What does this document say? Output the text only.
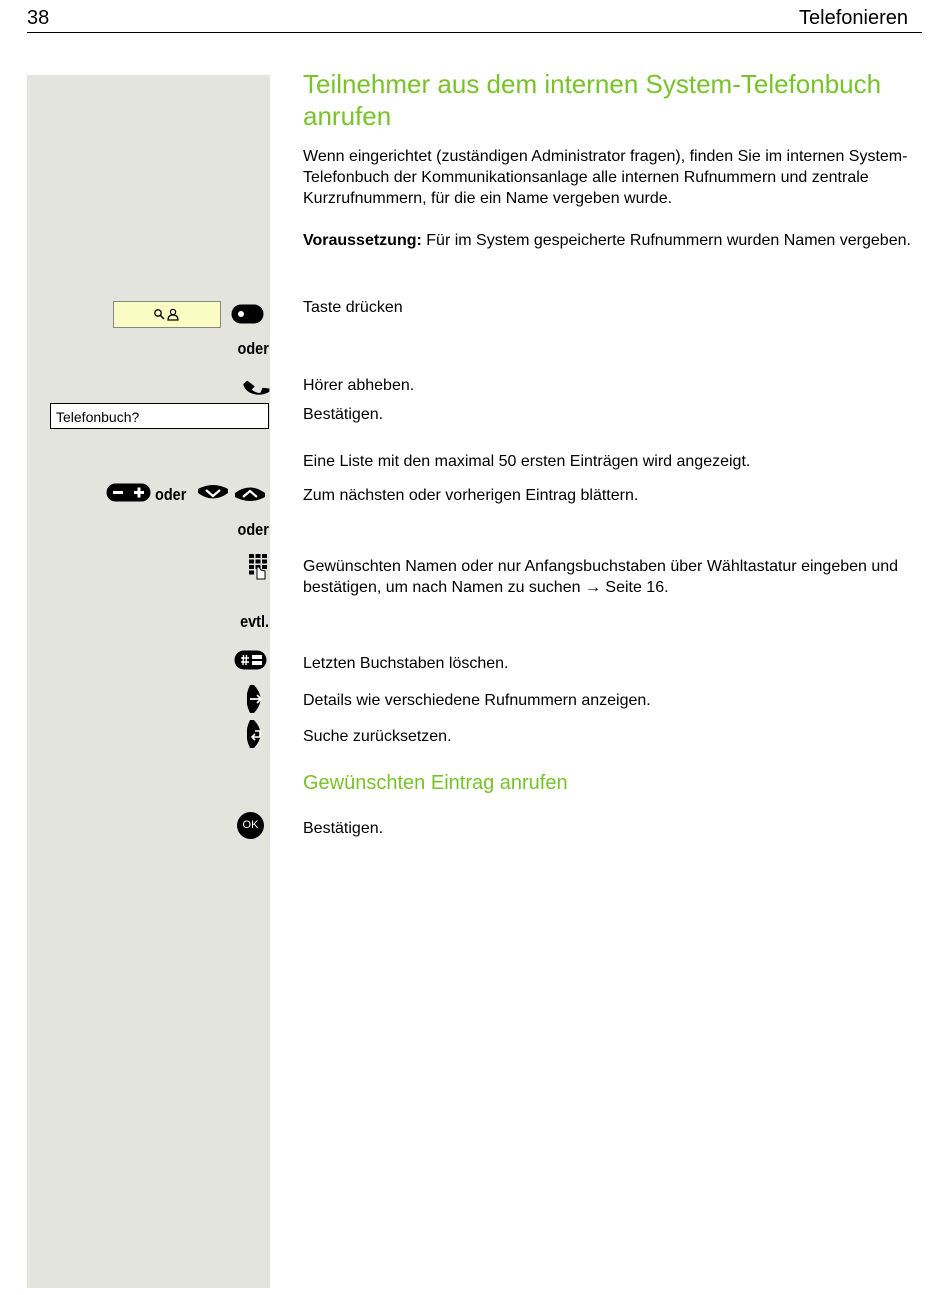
38	Telefonieren
Teilnehmer aus dem internen System-Telefonbuch anrufen
Wenn eingerichtet (zuständigen Administrator fragen), finden Sie im internen System-Telefonbuch der Kommunikationsanlage alle internen Rufnummern und zentrale Kurzrufnummern, für die ein Name vergeben wurde.
Voraussetzung: Für im System gespeicherte Rufnummern wurden Namen vergeben.
Taste drücken
oder
Hörer abheben.
Telefonbuch?	Bestätigen.
Eine Liste mit den maximal 50 ersten Einträgen wird angezeigt.
oder	Zum nächsten oder vorherigen Eintrag blättern.
oder
Gewünschten Namen oder nur Anfangsbuchstaben über Wähltastatur eingeben und bestätigen, um nach Namen zu suchen → Seite 16.
evtl.
Letzten Buchstaben löschen.
Details wie verschiedene Rufnummern anzeigen.
Suche zurücksetzen.
Gewünschten Eintrag anrufen
OK	Bestätigen.
